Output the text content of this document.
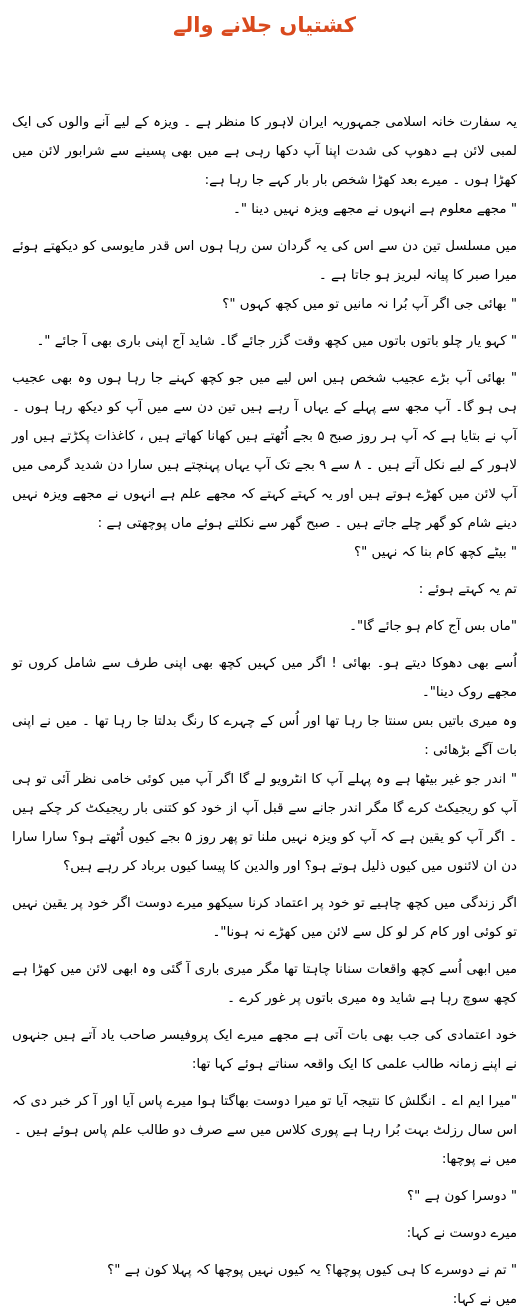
کشتیاں جلانے والے

یہ سفارت خانہ اسلامی جمہوریہ ایران لاہور کا منظر ہے ۔ ویزہ کے لیے آنے والوں کی ایک لمبی لائن ہے دھوپ کی شدت اپنا آپ دکھا رہی ہے میں بھی پسینے سے شرابور لائن میں کھڑا ہوں ۔ میرے بعد کھڑا شخص بار بار کہے جا رہا ہے:

" مجھے معلوم ہے انہوں نے مجھے ویزہ نہیں دینا "۔

میں مسلسل تین دن سے اس کی یہ گردان سن رہا ہوں اس قدر مایوسی کو دیکھتے ہوئے میرا صبر کا پیانہ لبریز ہو جاتا ہے ۔

" بھائی جی اگر آپ بُرا نہ مانیں تو میں کچھ کہوں "؟

" کہو یار چلو باتوں باتوں میں کچھ وقت گزر جائے گا۔ شاید آج اپنی باری بھی آ جائے "۔

" بھائی آپ بڑے عجیب شخص ہیں اس لیے میں جو کچھ کہنے جا رہا ہوں وہ بھی عجیب ہی ہو گا۔ آپ مجھ سے پہلے کے یہاں آ رہے ہیں تین دن سے میں آپ کو دیکھ رہا ہوں ۔ آپ نے بتایا ہے کہ آپ ہر روز صبح ۵ بجے اُٹھتے ہیں کھانا کھاتے ہیں ، کاغذات پکڑتے ہیں اور لاہور کے لیے نکل آتے ہیں ۔ ۸ سے ۹ بجے تک آپ یہاں پہنچتے ہیں سارا دن شدید گرمی میں آپ لائن میں کھڑے ہوتے ہیں اور یہ کہتے کہتے کہ مجھے علم ہے انہوں نے مجھے ویزہ نہیں دینے شام کو گھر چلے جاتے ہیں ۔ صبح گھر سے نکلتے ہوئے ماں پوچھتی ہے :

" بیٹے کچھ کام بنا کہ نہیں "؟

تم یہ کہتے ہوئے :

"ماں بس آج کام ہو جائے گا"۔

اُسے بھی دھوکا دیتے ہو۔ بھائی ! اگر میں کہیں کچھ بھی اپنی طرف سے شامل کروں تو مجھے روک دینا"۔

وہ میری باتیں بس سنتا جا رہا تھا اور اُس کے چہرے کا رنگ بدلتا جا رہا تھا ۔ میں نے اپنی بات آگے بڑھائی :

" اندر جو غیر بیٹھا ہے وہ پہلے آپ کا انٹرویو لے گا اگر آپ میں کوئی خامی نظر آئی تو ہی آپ کو ریجیکٹ کرے گا مگر اندر جانے سے قبل آپ از خود کو کتنی بار ریجیکٹ کر چکے ہیں ۔ اگر آپ کو یقین ہے کہ آپ کو ویزہ نہیں ملنا تو پھر روز ۵ بجے کیوں اُٹھتے ہو؟ سارا سارا دن ان لائنوں میں کیوں ذلیل ہوتے ہو؟ اور والدین کا پیسا کیوں برباد کر رہے ہیں؟

اگر زندگی میں کچھ چاہیے تو خود پر اعتماد کرنا سیکھو میرے دوست اگر خود پر یقین نہیں تو کوئی اور کام کر لو کل سے لائن میں کھڑے نہ ہونا"۔

میں ابھی اُسے کچھ واقعات سنانا چاہتا تھا مگر میری باری آ گئی وہ ابھی لائن میں کھڑا ہے کچھ سوچ رہا ہے شاید وہ میری باتوں پر غور کرے ۔

خود اعتمادی کی جب بھی بات آتی ہے مجھے میرے ایک پروفیسر صاحب یاد آتے ہیں جنہوں نے اپنے زمانہ طالب علمی کا ایک واقعہ سناتے ہوئے کہا تھا:

"میرا ایم اے ۔ انگلش کا نتیجہ آیا تو میرا دوست بھاگتا ہوا میرے پاس آیا اور آ کر خبر دی کہ اس سال رزلٹ بہت بُرا رہا ہے پوری کلاس میں سے صرف دو طالب علم پاس ہوئے ہیں ۔

میں نے پوچھا:

" دوسرا کون ہے "؟

میرے دوست نے کہا:

" تم نے دوسرے کا ہی کیوں پوچھا؟ یہ کیوں نہیں پوچھا کہ پہلا کون ہے "؟

میں نے کہا:
